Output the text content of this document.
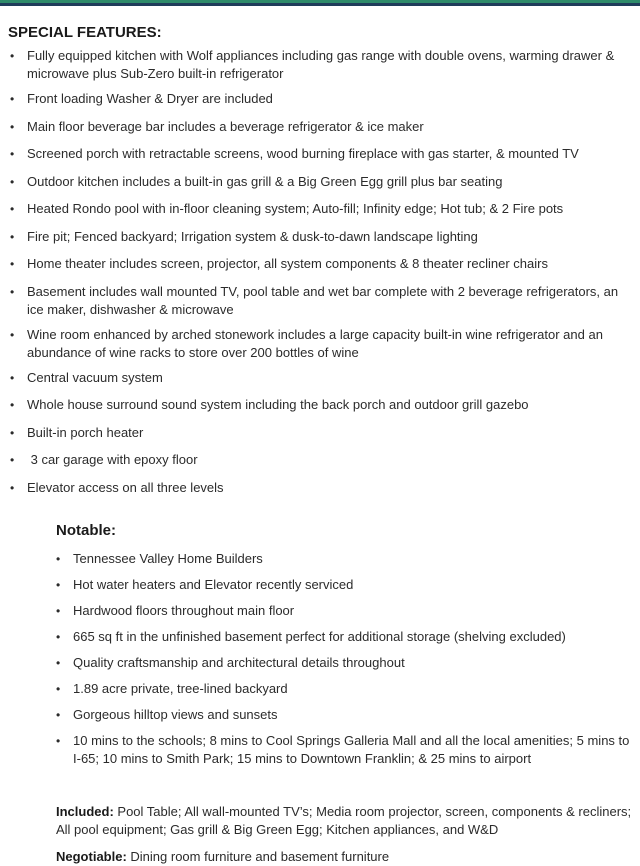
SPECIAL FEATURES:
• Fully equipped kitchen with Wolf appliances including gas range with double ovens, warming drawer & microwave plus Sub-Zero built-in refrigerator
• Front loading Washer & Dryer are included
• Main floor beverage bar includes a beverage refrigerator & ice maker
• Screened porch with retractable screens, wood burning fireplace with gas starter, & mounted TV
• Outdoor kitchen includes a built-in gas grill & a Big Green Egg grill plus bar seating
• Heated Rondo pool with in-floor cleaning system; Auto-fill; Infinity edge; Hot tub; & 2 Fire pots
• Fire pit; Fenced backyard; Irrigation system & dusk-to-dawn landscape lighting
• Home theater includes screen, projector, all system components & 8 theater recliner chairs
• Basement includes wall mounted TV, pool table and wet bar complete with 2 beverage refrigerators, an ice maker, dishwasher & microwave
• Wine room enhanced by arched stonework includes a large capacity built-in wine refrigerator and an abundance of wine racks to store over 200 bottles of wine
• Central vacuum system
• Whole house surround sound system including the back porch and outdoor grill gazebo
• Built-in porch heater
• 3 car garage with epoxy floor
• Elevator access on all three levels
Notable:
• Tennessee Valley Home Builders
• Hot water heaters and Elevator recently serviced
• Hardwood floors throughout main floor
• 665 sq ft in the unfinished basement perfect for additional storage (shelving excluded)
• Quality craftsmanship and architectural details throughout
• 1.89 acre private, tree-lined backyard
• Gorgeous hilltop views and sunsets
• 10 mins to the schools; 8 mins to Cool Springs Galleria Mall and all the local amenities; 5 mins to I-65; 10 mins to Smith Park; 15 mins to Downtown Franklin; & 25 mins to airport

Included: Pool Table; All wall-mounted TV’s; Media room projector, screen, components & recliners; All pool equipment; Gas grill & Big Green Egg; Kitchen appliances, and W&D

Negotiable: Dining room furniture and basement furniture
